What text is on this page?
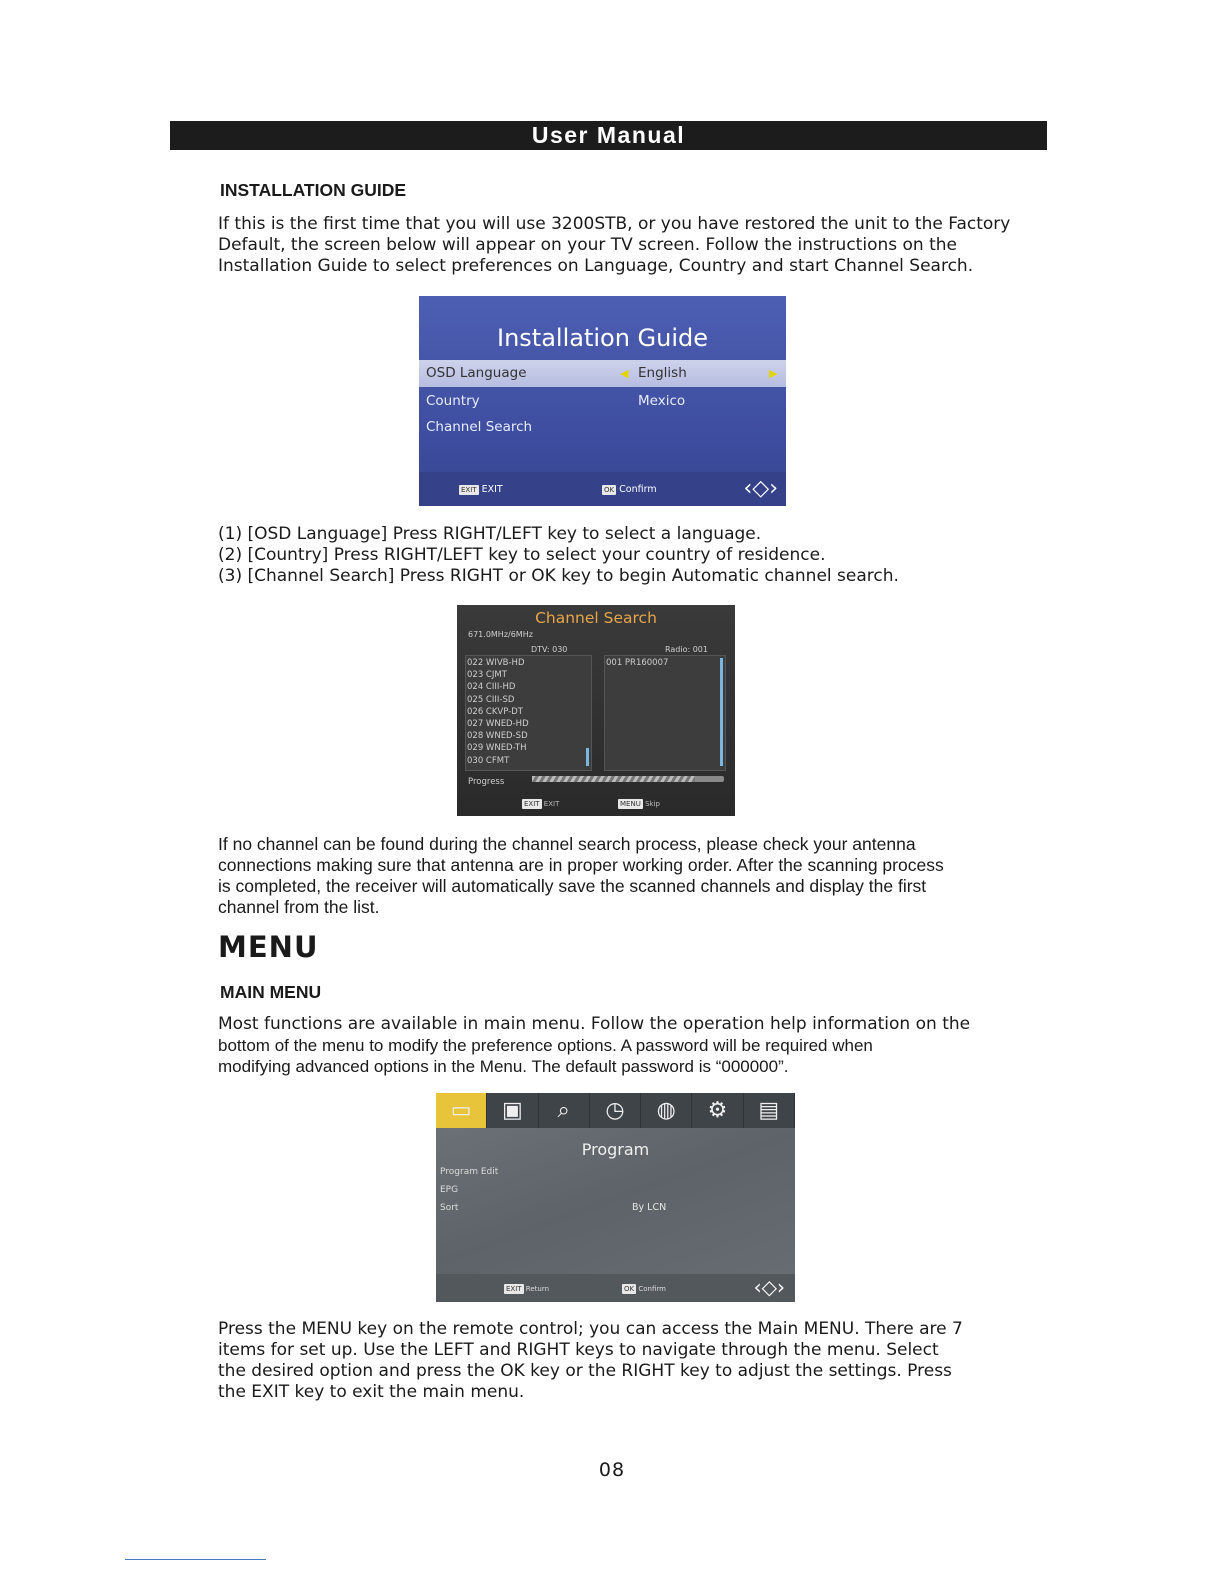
User Manual
INSTALLATION GUIDE
If this is the first time that you will use 3200STB, or you have restored the unit to the Factory
Default, the screen below will appear on your TV screen. Follow the instructions on the
Installation Guide to select preferences on Language, Country and start Channel Search.
Installation Guide
OSD Language	◀ English	▶
Country	Mexico
Channel Search
EXIT EXIT	OK Confirm	‹◇›
(1) [OSD Language] Press RIGHT/LEFT key to select a language.
(2) [Country] Press RIGHT/LEFT key to select your country of residence.
(3) [Channel Search] Press RIGHT or OK key to begin Automatic channel search.
Channel Search
671.0MHz/6MHz
DTV: 030	Radio: 001
022 WIVB-HD
023 CJMT
024 CIII-HD
025 CIII-SD
026 CKVP-DT
027 WNED-HD
028 WNED-SD
029 WNED-TH
030 CFMT
001 PR160007
Progress
EXIT EXIT	MENU Skip
If no channel can be found during the channel search process, please check your antenna
connections making sure that antenna are in proper working order. After the scanning process
is completed, the receiver will automatically save the scanned channels and display the first
channel from the list.
MENU
MAIN MENU
Most functions are available in main menu. Follow the operation help information on the
bottom of the menu to modify the preference options. A password will be required when
modifying advanced options in the Menu. The default password is “000000”.
▭	▣	⌕	◷	◍	⚙	▤
Program
Program Edit
EPG
Sort	By LCN
EXIT Return	OK Confirm	‹◇›
Press the MENU key on the remote control; you can access the Main MENU. There are 7
items for set up. Use the LEFT and RIGHT keys to navigate through the menu. Select
the desired option and press the OK key or the RIGHT key to adjust the settings. Press
the EXIT key to exit the main menu.
08
